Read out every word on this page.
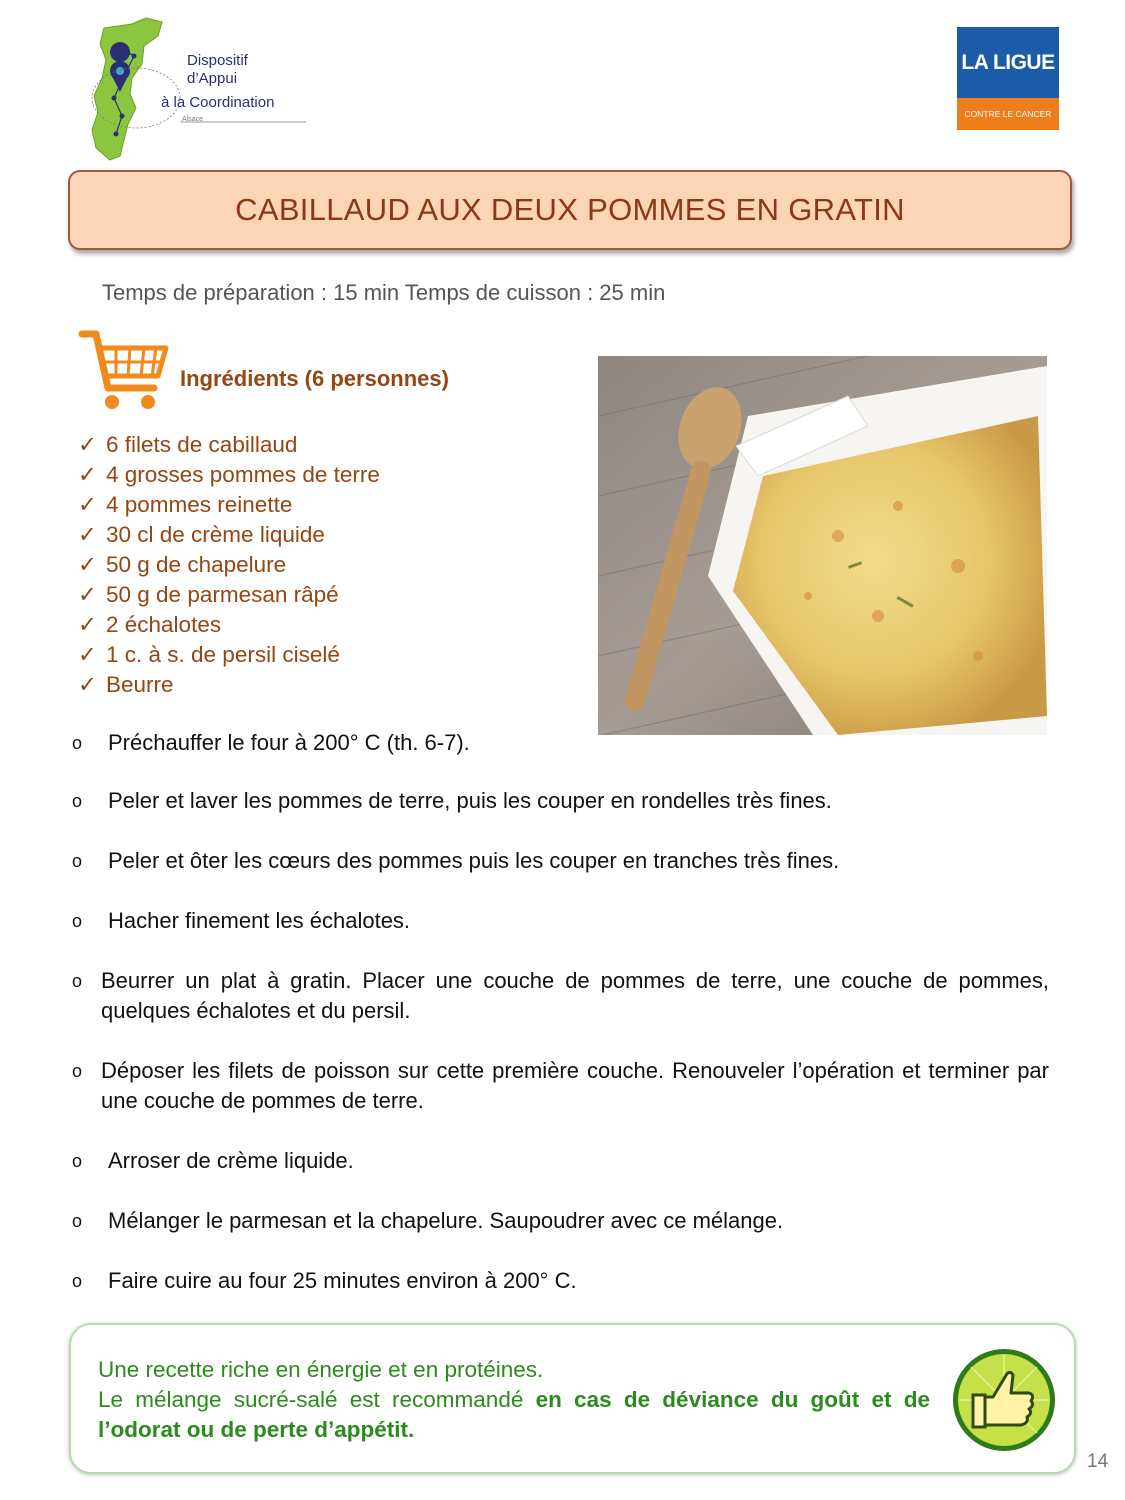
Dispositif
d’Appui
à la Coordination
Alsace
LA LIGUE
CONTRE LE CANCER
CABILLAUD AUX DEUX POMMES EN GRATIN
Temps de préparation : 15 min Temps de cuisson : 25 min
Ingrédients (6 personnes)
✓ 6 filets de cabillaud
✓ 4 grosses pommes de terre
✓ 4 pommes reinette
✓ 30 cl de crème liquide
✓ 50 g de chapelure
✓ 50 g de parmesan râpé
✓ 2 échalotes
✓ 1 c. à s. de persil ciselé
✓ Beurre
o Préchauffer le four à 200° C (th. 6-7).
o Peler et laver les pommes de terre, puis les couper en rondelles très fines.
o Peler et ôter les cœurs des pommes puis les couper en tranches très fines.
o Hacher finement les échalotes.
o Beurrer un plat à gratin. Placer une couche de pommes de terre, une couche de pommes, quelques échalotes et du persil.
o Déposer les filets de poisson sur cette première couche. Renouveler l’opération et terminer par une couche de pommes de terre.
o Arroser de crème liquide.
o Mélanger le parmesan et la chapelure. Saupoudrer avec ce mélange.
o Faire cuire au four 25 minutes environ à 200° C.
Une recette riche en énergie et en protéines.
Le mélange sucré-salé est recommandé en cas de déviance du goût et de l’odorat ou de perte d’appétit.
14
